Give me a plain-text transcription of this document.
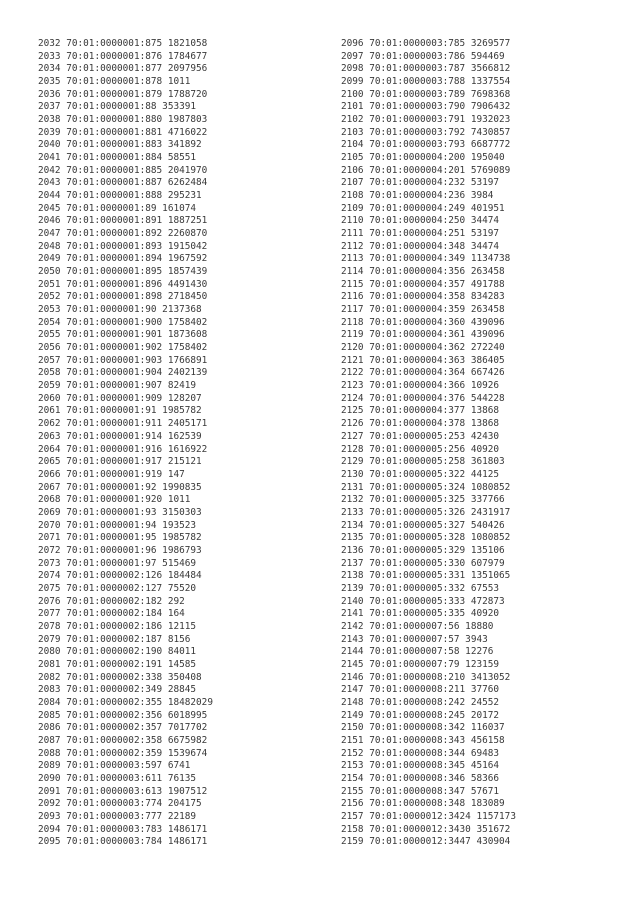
2032 70:01:0000001:875 1821058
2033 70:01:0000001:876 1784677
2034 70:01:0000001:877 2097956
2035 70:01:0000001:878 1011
2036 70:01:0000001:879 1788720
2037 70:01:0000001:88 353391
2038 70:01:0000001:880 1987803
2039 70:01:0000001:881 4716022
2040 70:01:0000001:883 341892
2041 70:01:0000001:884 58551
2042 70:01:0000001:885 2041970
2043 70:01:0000001:887 6262484
2044 70:01:0000001:888 295231
2045 70:01:0000001:89 161074
2046 70:01:0000001:891 1887251
2047 70:01:0000001:892 2260870
2048 70:01:0000001:893 1915042
2049 70:01:0000001:894 1967592
2050 70:01:0000001:895 1857439
2051 70:01:0000001:896 4491430
2052 70:01:0000001:898 2718450
2053 70:01:0000001:90 2137368
2054 70:01:0000001:900 1758402
2055 70:01:0000001:901 1873608
2056 70:01:0000001:902 1758402
2057 70:01:0000001:903 1766891
2058 70:01:0000001:904 2402139
2059 70:01:0000001:907 82419
2060 70:01:0000001:909 128207
2061 70:01:0000001:91 1985782
2062 70:01:0000001:911 2405171
2063 70:01:0000001:914 162539
2064 70:01:0000001:916 1616922
2065 70:01:0000001:917 215121
2066 70:01:0000001:919 147
2067 70:01:0000001:92 1990835
2068 70:01:0000001:920 1011
2069 70:01:0000001:93 3150303
2070 70:01:0000001:94 193523
2071 70:01:0000001:95 1985782
2072 70:01:0000001:96 1986793
2073 70:01:0000001:97 515469
2074 70:01:0000002:126 184484
2075 70:01:0000002:127 75520
2076 70:01:0000002:182 292
2077 70:01:0000002:184 164
2078 70:01:0000002:186 12115
2079 70:01:0000002:187 8156
2080 70:01:0000002:190 84011
2081 70:01:0000002:191 14585
2082 70:01:0000002:338 350408
2083 70:01:0000002:349 28845
2084 70:01:0000002:355 18482029
2085 70:01:0000002:356 6018995
2086 70:01:0000002:357 7017702
2087 70:01:0000002:358 6675982
2088 70:01:0000002:359 1539674
2089 70:01:0000003:597 6741
2090 70:01:0000003:611 76135
2091 70:01:0000003:613 1907512
2092 70:01:0000003:774 204175
2093 70:01:0000003:777 22189
2094 70:01:0000003:783 1486171
2095 70:01:0000003:784 1486171
2096 70:01:0000003:785 3269577
2097 70:01:0000003:786 594469
2098 70:01:0000003:787 3566812
2099 70:01:0000003:788 1337554
2100 70:01:0000003:789 7698368
2101 70:01:0000003:790 7906432
2102 70:01:0000003:791 1932023
2103 70:01:0000003:792 7430857
2104 70:01:0000003:793 6687772
2105 70:01:0000004:200 195040
2106 70:01:0000004:201 5769089
2107 70:01:0000004:232 53197
2108 70:01:0000004:236 3984
2109 70:01:0000004:249 401951
2110 70:01:0000004:250 34474
2111 70:01:0000004:251 53197
2112 70:01:0000004:348 34474
2113 70:01:0000004:349 1134738
2114 70:01:0000004:356 263458
2115 70:01:0000004:357 491788
2116 70:01:0000004:358 834283
2117 70:01:0000004:359 263458
2118 70:01:0000004:360 439096
2119 70:01:0000004:361 439096
2120 70:01:0000004:362 272240
2121 70:01:0000004:363 386405
2122 70:01:0000004:364 667426
2123 70:01:0000004:366 10926
2124 70:01:0000004:376 544228
2125 70:01:0000004:377 13868
2126 70:01:0000004:378 13868
2127 70:01:0000005:253 42430
2128 70:01:0000005:256 40920
2129 70:01:0000005:258 361803
2130 70:01:0000005:322 44125
2131 70:01:0000005:324 1080852
2132 70:01:0000005:325 337766
2133 70:01:0000005:326 2431917
2134 70:01:0000005:327 540426
2135 70:01:0000005:328 1080852
2136 70:01:0000005:329 135106
2137 70:01:0000005:330 607979
2138 70:01:0000005:331 1351065
2139 70:01:0000005:332 67553
2140 70:01:0000005:333 472873
2141 70:01:0000005:335 40920
2142 70:01:0000007:56 18880
2143 70:01:0000007:57 3943
2144 70:01:0000007:58 12276
2145 70:01:0000007:79 123159
2146 70:01:0000008:210 3413052
2147 70:01:0000008:211 37760
2148 70:01:0000008:242 24552
2149 70:01:0000008:245 20172
2150 70:01:0000008:342 116037
2151 70:01:0000008:343 456158
2152 70:01:0000008:344 69483
2153 70:01:0000008:345 45164
2154 70:01:0000008:346 58366
2155 70:01:0000008:347 57671
2156 70:01:0000008:348 183089
2157 70:01:0000012:3424 1157173
2158 70:01:0000012:3430 351672
2159 70:01:0000012:3447 430904
